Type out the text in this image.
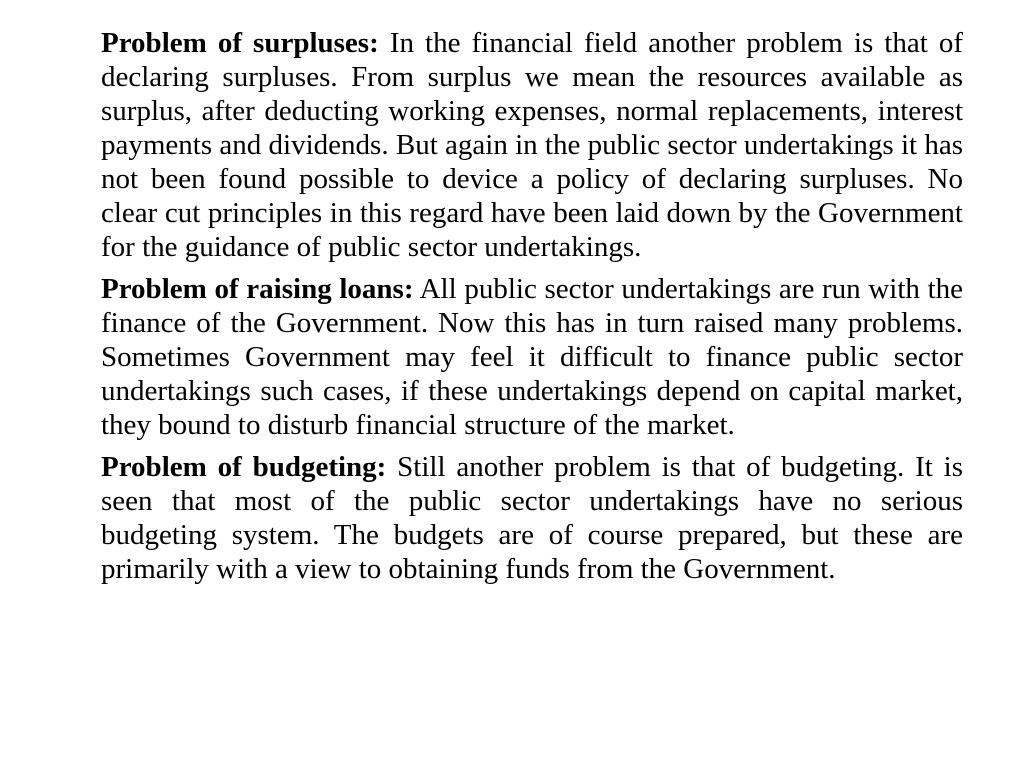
Problem of surpluses: In the financial field another problem is that of declaring surpluses. From surplus we mean the resources available as surplus, after deducting working expenses, normal replacements, interest payments and dividends. But again in the public sector undertakings it has not been found possible to device a policy of declaring surpluses. No clear cut principles in this regard have been laid down by the Government for the guidance of public sector undertakings.

Problem of raising loans: All public sector undertakings are run with the finance of the Government. Now this has in turn raised many problems. Sometimes Government may feel it difficult to finance public sector undertakings such cases, if these undertakings depend on capital market, they bound to disturb financial structure of the market.

Problem of budgeting: Still another problem is that of budgeting. It is seen that most of the public sector undertakings have no serious budgeting system. The budgets are of course prepared, but these are primarily with a view to obtaining funds from the Government.
